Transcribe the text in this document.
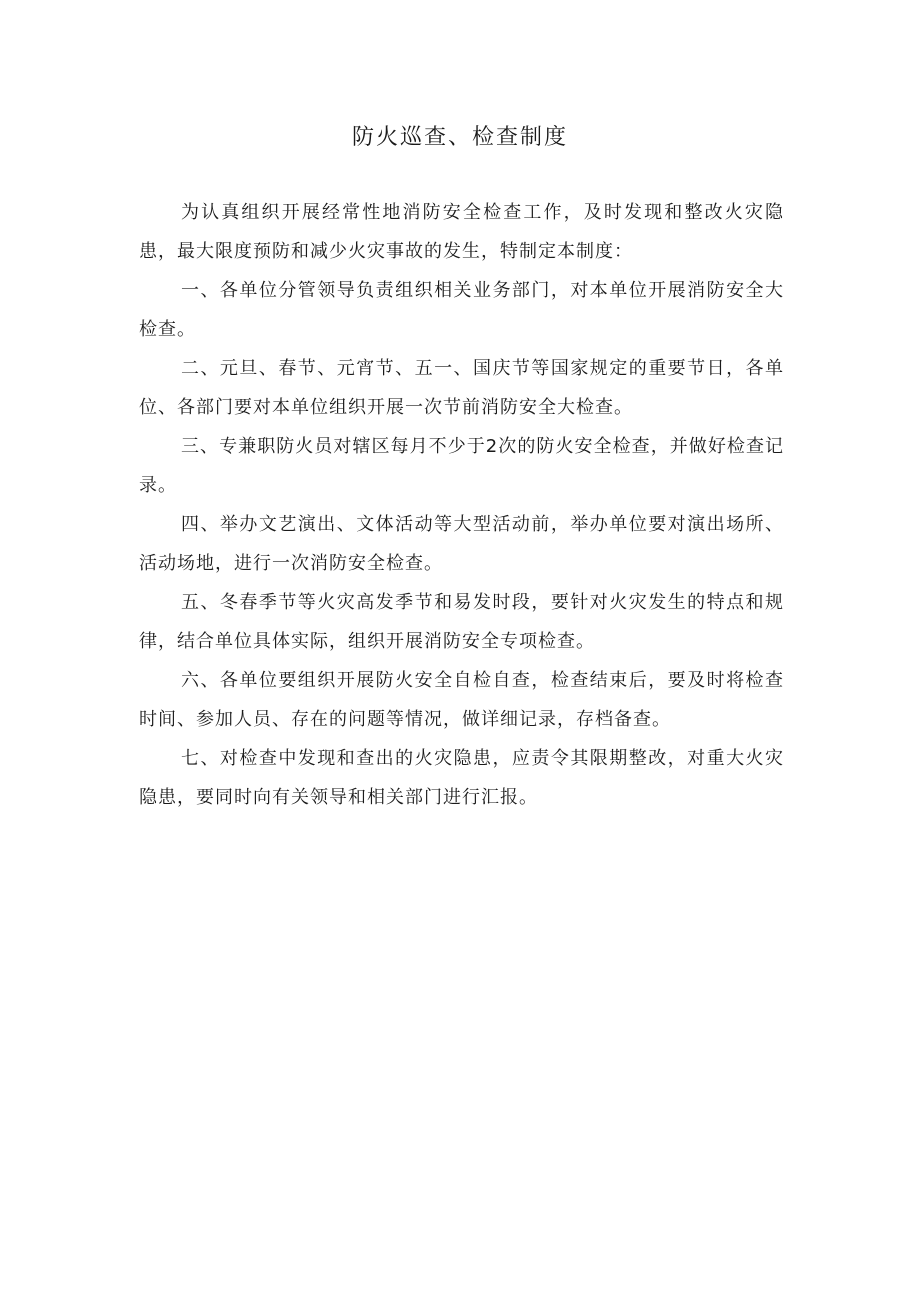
防火巡查、检查制度

为认真组织开展经常性地消防安全检查工作，及时发现和整改火灾隐患，最大限度预防和减少火灾事故的发生，特制定本制度：

一、各单位分管领导负责组织相关业务部门，对本单位开展消防安全大检查。

二、元旦、春节、元宵节、五一、国庆节等国家规定的重要节日，各单位、各部门要对本单位组织开展一次节前消防安全大检查。

三、专兼职防火员对辖区每月不少于2次的防火安全检查，并做好检查记录。

四、举办文艺演出、文体活动等大型活动前，举办单位要对演出场所、活动场地，进行一次消防安全检查。

五、冬春季节等火灾高发季节和易发时段，要针对火灾发生的特点和规律，结合单位具体实际，组织开展消防安全专项检查。

六、各单位要组织开展防火安全自检自查，检查结束后，要及时将检查时间、参加人员、存在的问题等情况，做详细记录，存档备查。

七、对检查中发现和查出的火灾隐患，应责令其限期整改，对重大火灾隐患，要同时向有关领导和相关部门进行汇报。
